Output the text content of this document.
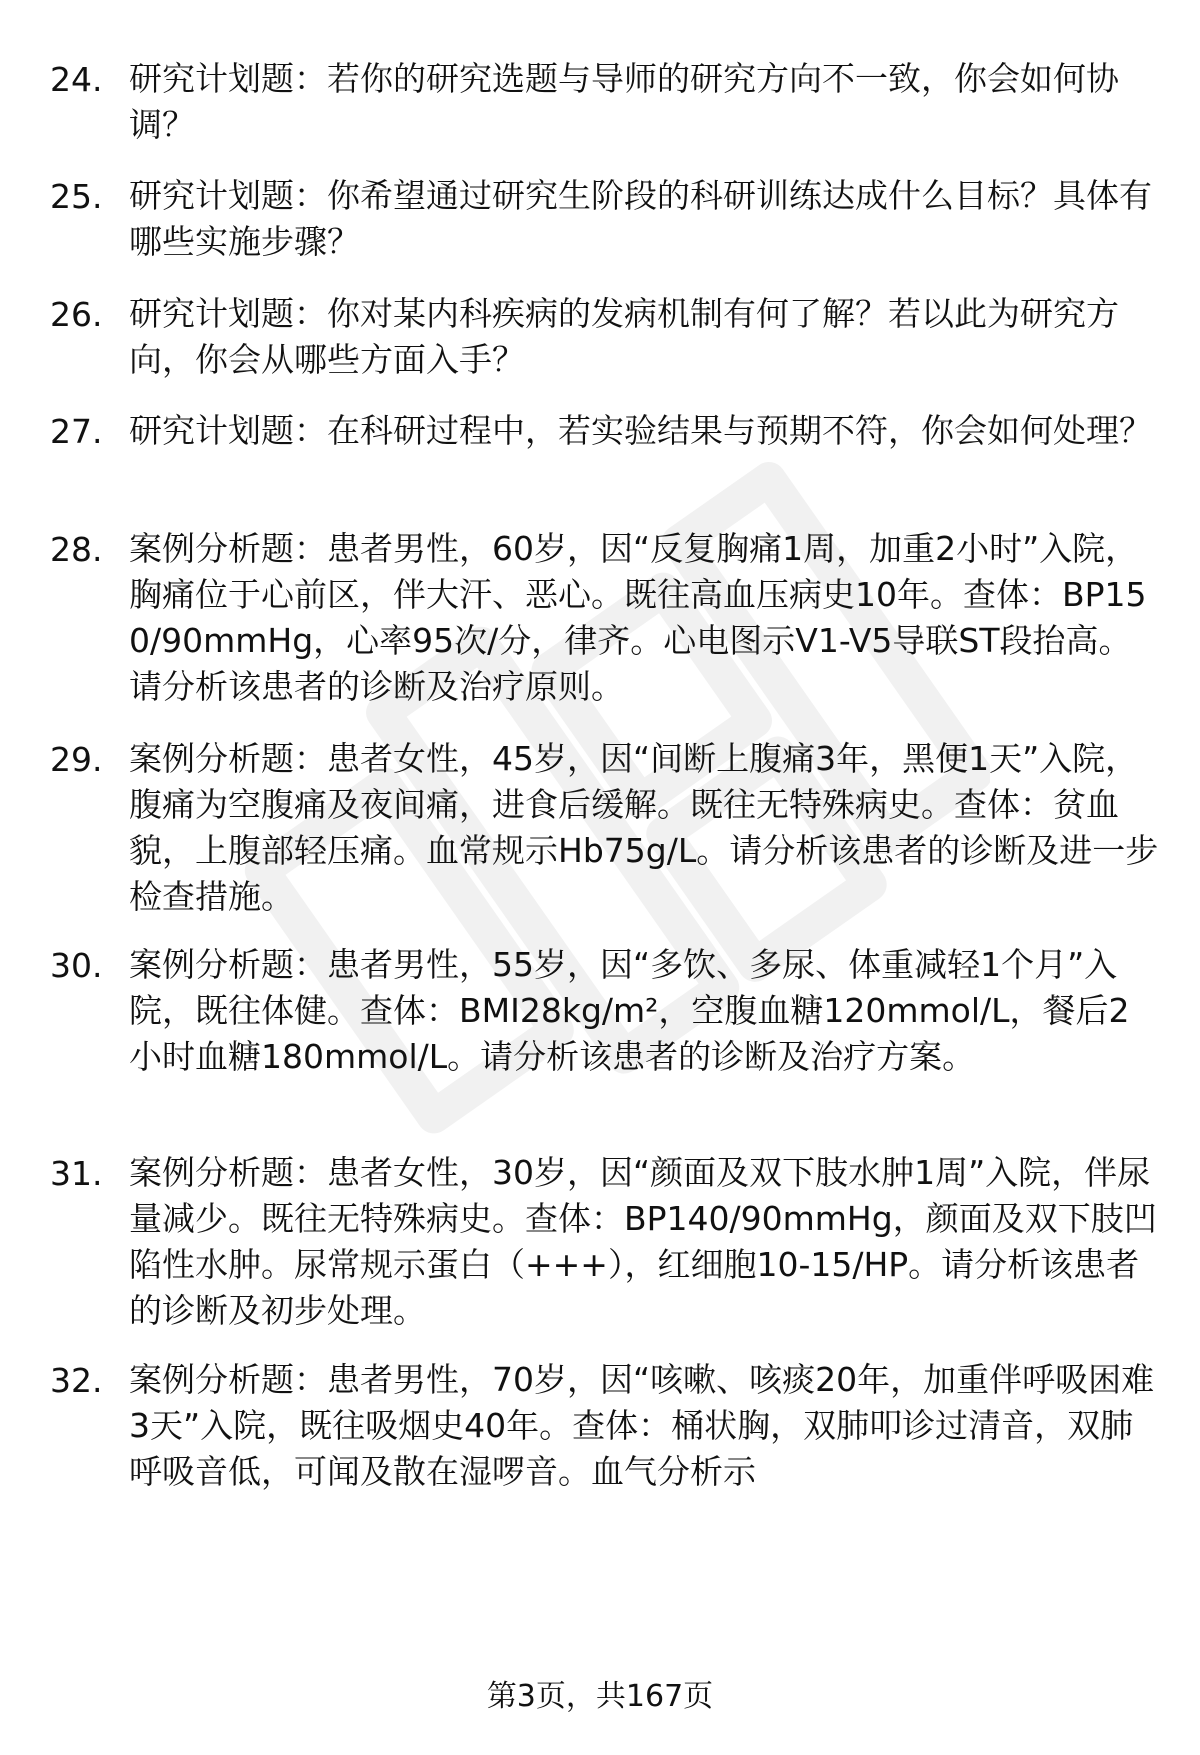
24. 研究计划题：若你的研究选题与导师的研究方向不一致，你会如何协调？
25. 研究计划题：你希望通过研究生阶段的科研训练达成什么目标？具体有哪些实施步骤？
26. 研究计划题：你对某内科疾病的发病机制有何了解？若以此为研究方向，你会从哪些方面入手？
27. 研究计划题：在科研过程中，若实验结果与预期不符，你会如何处理？
28. 案例分析题：患者男性，60岁，因“反复胸痛1周，加重2小时”入院，胸痛位于心前区，伴大汗、恶心。既往高血压病史10年。查体：BP150/90mmHg，心率95次/分，律齐。心电图示V1-V5导联ST段抬高。请分析该患者的诊断及治疗原则。
29. 案例分析题：患者女性，45岁，因“间断上腹痛3年，黑便1天”入院，腹痛为空腹痛及夜间痛，进食后缓解。既往无特殊病史。查体：贫血貌，上腹部轻压痛。血常规示Hb75g/L。请分析该患者的诊断及进一步检查措施。
30. 案例分析题：患者男性，55岁，因“多饮、多尿、体重减轻1个月”入院，既往体健。查体：BMI28kg/m²，空腹血糖120mmol/L，餐后2小时血糖180mmol/L。请分析该患者的诊断及治疗方案。
31. 案例分析题：患者女性，30岁，因“颜面及双下肢水肿1周”入院，伴尿量减少。既往无特殊病史。查体：BP140/90mmHg，颜面及双下肢凹陷性水肿。尿常规示蛋白（+++），红细胞10-15/HP。请分析该患者的诊断及初步处理。
32. 案例分析题：患者男性，70岁，因“咳嗽、咳痰20年，加重伴呼吸困难3天”入院，既往吸烟史40年。查体：桶状胸，双肺叩诊过清音，双肺呼吸音低，可闻及散在湿啰音。血气分析示
第3页，共167页
